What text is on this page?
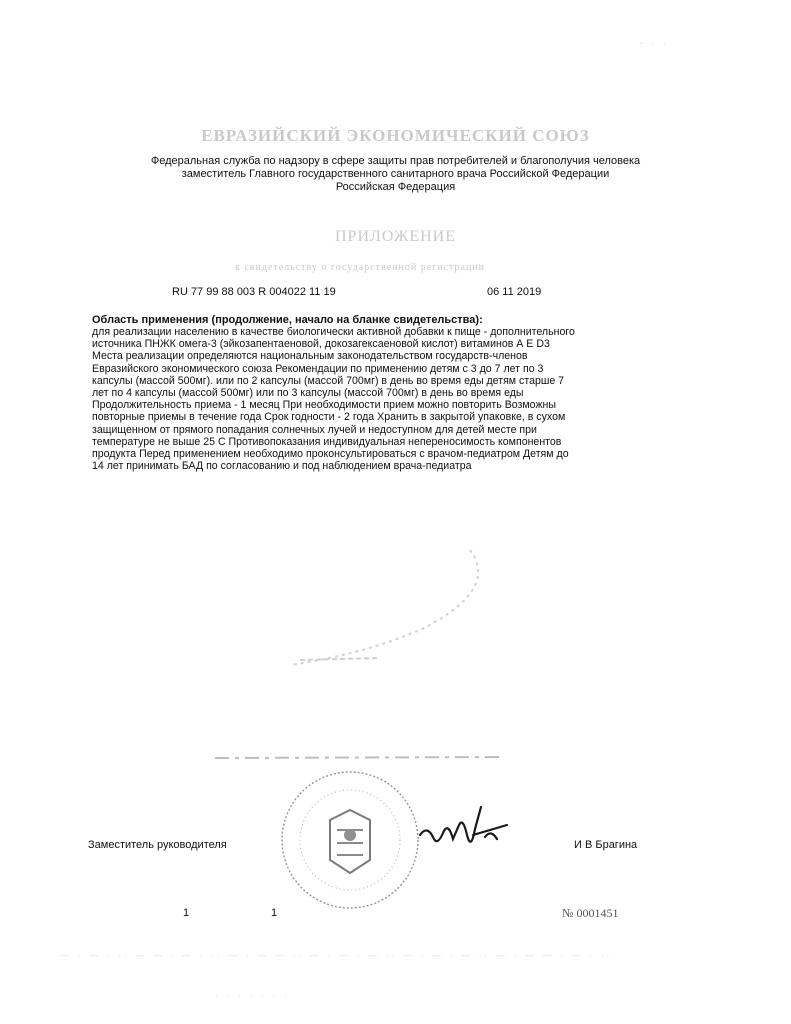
- · ·
ЕВРАЗИЙСКИЙ ЭКОНОМИЧЕСКИЙ СОЮЗ
Федеральная служба по надзору в сфере защиты прав потребителей и благополучия человека
заместитель Главного государственного санитарного врача Российской Федерации
Российская Федерация
ПРИЛОЖЕНИЕ
к свидетельству о государственной регистрации
RU 77 99 88 003 R 004022 11 19	06 11 2019
Область применения (продолжение, начало на бланке свидетельства):
для реализации населению в качестве биологически активной добавки к пище - дополнительного
источника ПНЖК омега-3 (эйкозапентаеновой, докозагексаеновой кислот) витаминов А Е D3
Места реализации определяются национальным законодательством государств-членов
Евразийского экономического союза Рекомендации по применению детям с 3 до 7 лет по 3
капсулы (массой 500мг). или по 2 капсулы (массой 700мг) в день во время еды детям старше 7
лет по 4 капсулы (массой 500мг) или по 3 капсулы (массой 700мг) в день во время еды
Продолжительность приема - 1 месяц При необходимости прием можно повторить Возможны
повторные приемы в течение года Срок годности - 2 года Хранить в закрытой упаковке, в сухом
защищенном от прямого попадания солнечных лучей и недоступном для детей месте при
температуре не выше 25 С Противопоказания индивидуальная непереносимость компонентов
продукта Перед применением необходимо проконсультироваться с врачом-педиатром Детям до
14 лет принимать БАД по согласованию и под наблюдением врача-педиатра
Заместитель руководителя	И В Брагина
1	1	№ 0001451
— · — · ·· — — · — · ·· — · — — ·· — · — · — ·· — · — · — ·· — · — — · — · ··
· · · · · · ·
